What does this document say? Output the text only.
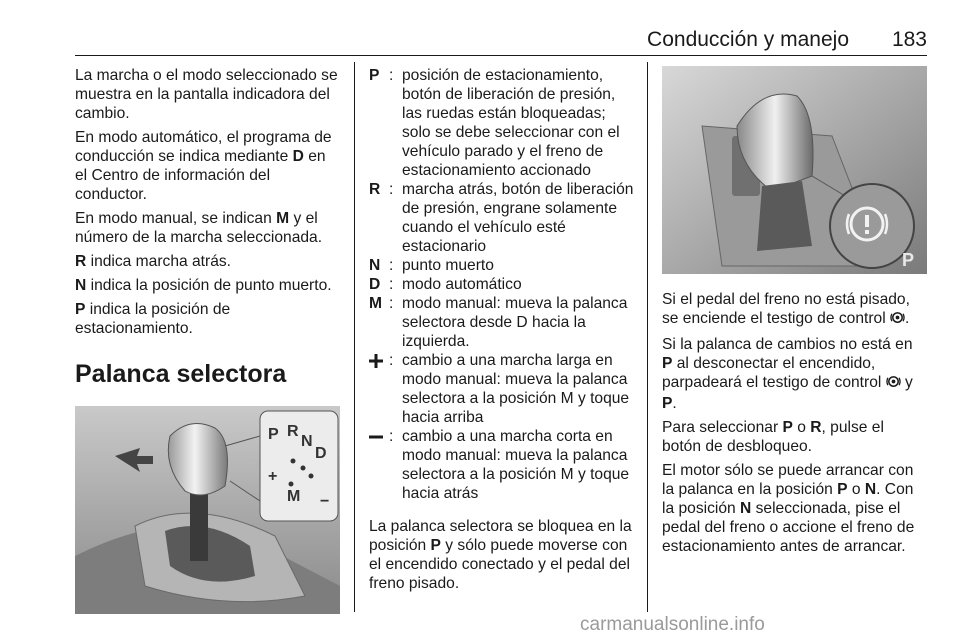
Conducción y manejo 183

La marcha o el modo seleccionado se muestra en la pantalla indicadora del cambio.

En modo automático, el programa de conducción se indica mediante D en el Centro de información del conductor.

En modo manual, se indican M y el número de la marcha seleccionada.

R indica marcha atrás.

N indica la posición de punto muerto.

P indica la posición de estacionamiento.

Palanca selectora
P R
N
D
M
+
−
P : posición de estacionamiento, botón de liberación de presión, las ruedas están bloqueadas; solo se debe seleccionar con el vehículo parado y el freno de estacionamiento accionado
R : marcha atrás, botón de liberación de presión, engrane solamente cuando el vehículo esté estacionario
N : punto muerto
D : modo automático
M : modo manual: mueva la palanca selectora desde D hacia la izquierda.
: cambio a una marcha larga en modo manual: mueva la palanca selectora a la posición M y toque hacia arriba
: cambio a una marcha corta en modo manual: mueva la palanca selectora a la posición M y toque hacia atrás

La palanca selectora se bloquea en la posición P y sólo puede moverse con el encendido conectado y el pedal del freno pisado.

P

Si el pedal del freno no está pisado, se enciende el testigo de control .

Si la palanca de cambios no está en P al desconectar el encendido, parpadeará el testigo de control  y P.

Para seleccionar P o R, pulse el botón de desbloqueo.

El motor sólo se puede arrancar con la palanca en la posición P o N. Con la posición N seleccionada, pise el pedal del freno o accione el freno de estacionamiento antes de arrancar.

carmanualsonline.info
